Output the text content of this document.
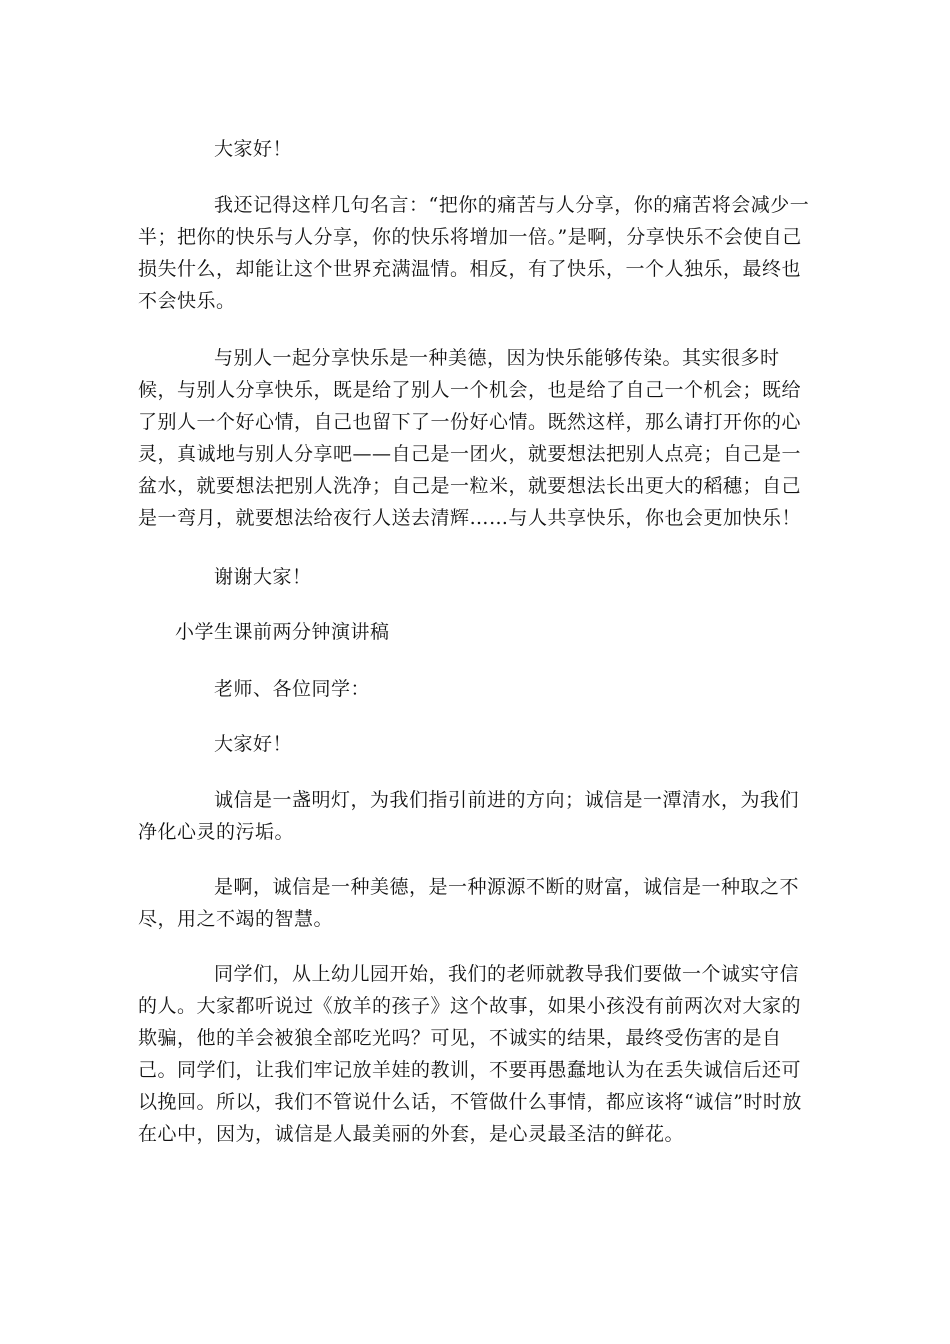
大家好！

我还记得这样几句名言：“把你的痛苦与人分享，你的痛苦将会减少一半；把你的快乐与人分享，你的快乐将增加一倍。”是啊，分享快乐不会使自己损失什么，却能让这个世界充满温情。相反，有了快乐，一个人独乐，最终也不会快乐。

与别人一起分享快乐是一种美德，因为快乐能够传染。其实很多时候，与别人分享快乐，既是给了别人一个机会，也是给了自己一个机会；既给了别人一个好心情，自己也留下了一份好心情。既然这样，那么请打开你的心灵，真诚地与别人分享吧——自己是一团火，就要想法把别人点亮；自己是一盆水，就要想法把别人洗净；自己是一粒米，就要想法长出更大的稻穗；自己是一弯月，就要想法给夜行人送去清辉……与人共享快乐，你也会更加快乐！

谢谢大家！

小学生课前两分钟演讲稿

老师、各位同学：

大家好！

诚信是一盏明灯，为我们指引前进的方向；诚信是一潭清水，为我们净化心灵的污垢。

是啊，诚信是一种美德，是一种源源不断的财富，诚信是一种取之不尽，用之不竭的智慧。

同学们，从上幼儿园开始，我们的老师就教导我们要做一个诚实守信的人。大家都听说过《放羊的孩子》这个故事，如果小孩没有前两次对大家的欺骗，他的羊会被狼全部吃光吗？可见，不诚实的结果，最终受伤害的是自己。同学们，让我们牢记放羊娃的教训，不要再愚蠢地认为在丢失诚信后还可以挽回。所以，我们不管说什么话，不管做什么事情，都应该将“诚信”时时放在心中，因为，诚信是人最美丽的外套，是心灵最圣洁的鲜花。
